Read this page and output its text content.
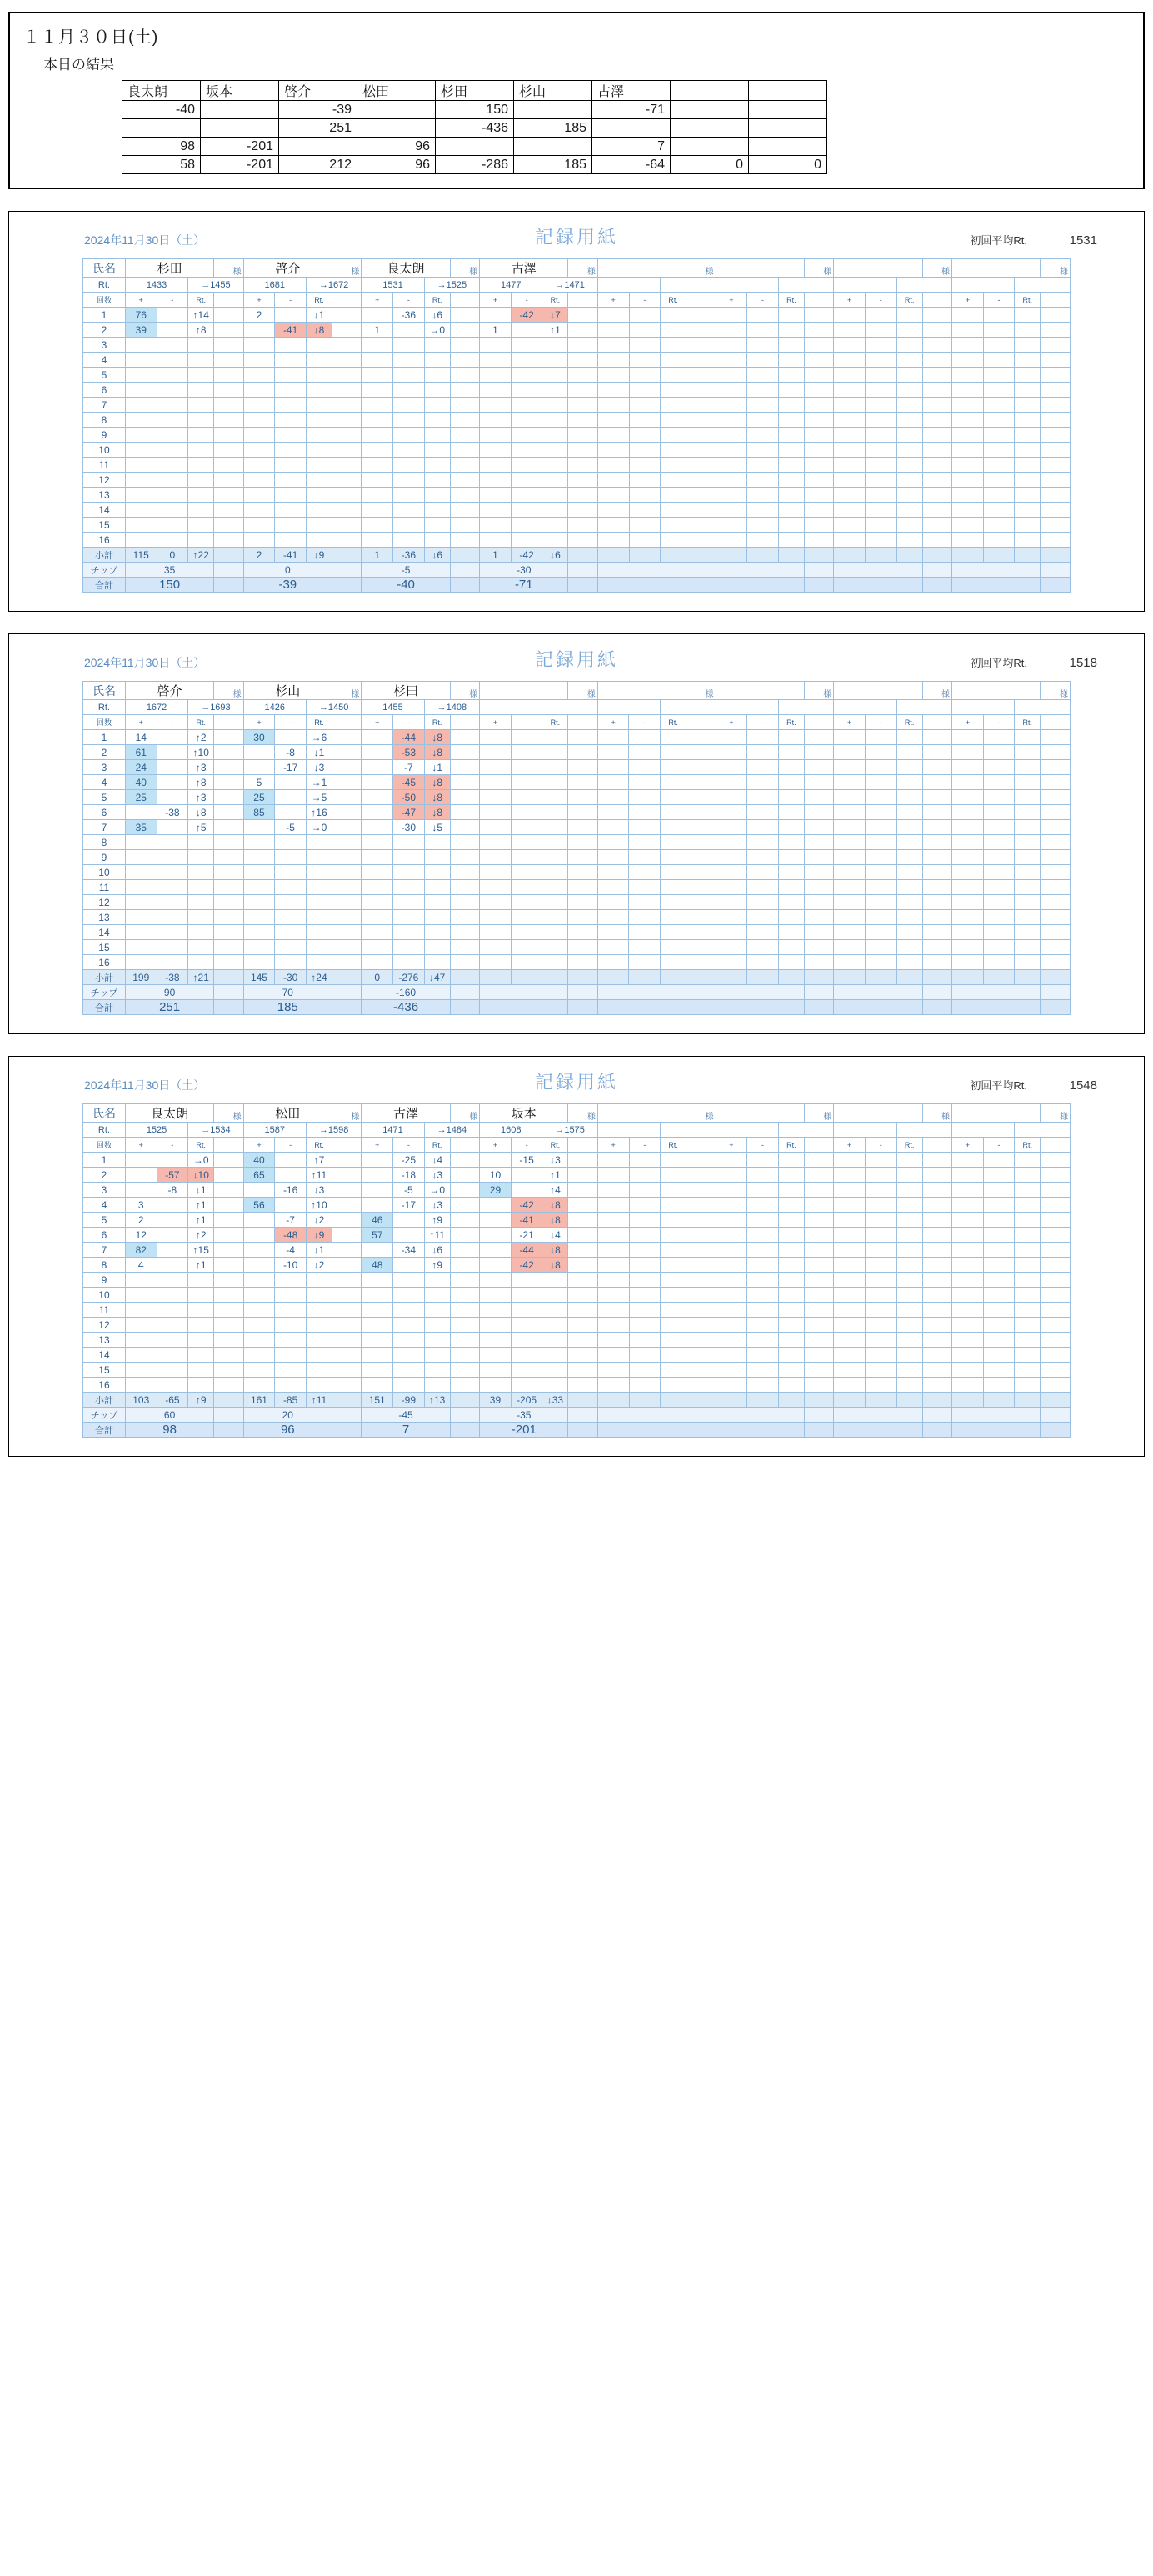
１１月３０日(土)
本日の結果
良太朗	坂本	啓介	松田	杉田	杉山	古澤		
-40		-39		150		-71		
		251		-436	185			
98	-201		96			7		
58	-201	212	96	-286	185	-64	0	0
2024年11月30日（土）	記録用紙	初回平均Rt.	1531
氏名	杉田			様	啓介			様	良太朗			様	古澤			様				様				様				様				様
Rt.	1433		→1455		1681		→1672		1531		→1525		1477		→1471																	
回数	+	-	Rt.		+	-	Rt.		+	-	Rt.		+	-	Rt.		+	-	Rt.		+	-	Rt.		+	-	Rt.		+	-	Rt.	
1	76		↑14		2		↓1			-36	↓6			-42	↓7																	
2	39		↑8			-41	↓8		1		→0		1		↑1																	
3																																
4																																
5																																
6																																
7																																
8																																
9																																
10																																
11																																
12																																
13																																
14																																
15																																
16																																
小計	115	0	↑22		2	-41	↓9		1	-36	↓6		1	-42	↓6																	
チップ	35				0				-5				-30																			
合計	150				-39				-40				-71																			
2024年11月30日（土）	記録用紙	初回平均Rt.	1518
氏名	啓介			様	杉山			様	杉田			様				様				様				様				様				様
Rt.	1672		→1693		1426		→1450		1455		→1408																					
回数	+	-	Rt.		+	-	Rt.		+	-	Rt.		+	-	Rt.		+	-	Rt.		+	-	Rt.		+	-	Rt.		+	-	Rt.	
1	14		↑2		30		→6			-44	↓8																					
2	61		↑10			-8	↓1			-53	↓8																					
3	24		↑3			-17	↓3			-7	↓1																					
4	40		↑8		5		→1			-45	↓8																					
5	25		↑3		25		→5			-50	↓8																					
6		-38	↓8		85		↑16			-47	↓8																					
7	35		↑5			-5	→0			-30	↓5																					
8																																
9																																
10																																
11																																
12																																
13																																
14																																
15																																
16																																
小計	199	-38	↑21		145	-30	↑24		0	-276	↓47																					
チップ	90				70				-160																							
合計	251				185				-436																							
2024年11月30日（土）	記録用紙	初回平均Rt.	1548
氏名	良太朗			様	松田			様	古澤			様	坂本			様				様				様				様				様
Rt.	1525		→1534		1587		→1598		1471		→1484		1608		→1575																	
回数	+	-	Rt.		+	-	Rt.		+	-	Rt.		+	-	Rt.		+	-	Rt.		+	-	Rt.		+	-	Rt.		+	-	Rt.	
1			→0		40		↑7			-25	↓4			-15	↓3																	
2		-57	↓10		65		↑11			-18	↓3		10		↑1																	
3		-8	↓1			-16	↓3			-5	→0		29		↑4																	
4	3		↑1		56		↑10			-17	↓3			-42	↓8																	
5	2		↑1			-7	↓2		46		↑9			-41	↓8																	
6	12		↑2			-48	↓9		57		↑11			-21	↓4																	
7	82		↑15			-4	↓1			-34	↓6			-44	↓8																	
8	4		↑1			-10	↓2		48		↑9			-42	↓8																	
9																																
10																																
11																																
12																																
13																																
14																																
15																																
16																																
小計	103	-65	↑9		161	-85	↑11		151	-99	↑13		39	-205	↓33																	
チップ	60				20				-45				-35																			
合計	98				96				7				-201																			
